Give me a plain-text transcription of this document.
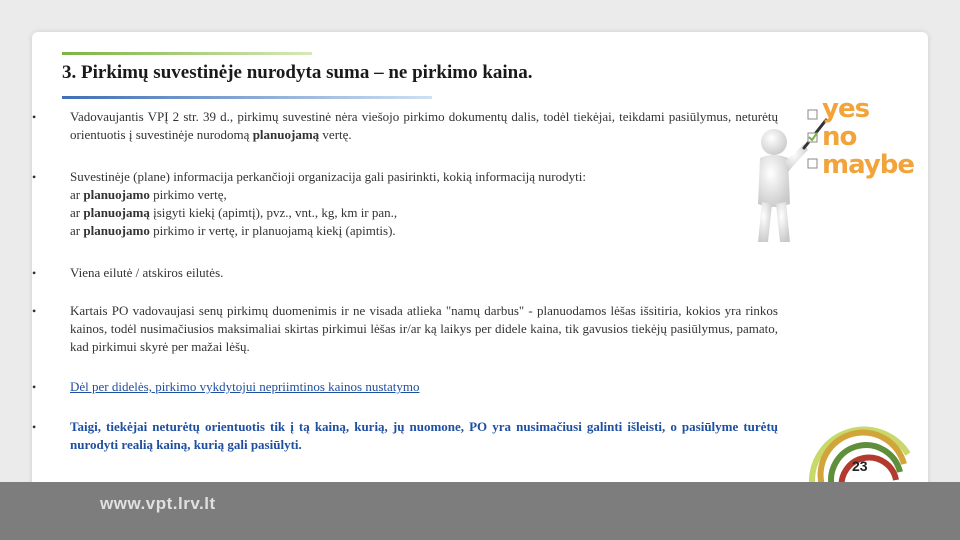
3. Pirkimų suvestinėje nurodyta suma – ne pirkimo kaina.
•	Vadovaujantis VPĮ 2 str. 39 d., pirkimų suvestinė nėra viešojo pirkimo dokumentų dalis, todėl tiekėjai, teikdami pasiūlymus, neturėtų orientuotis į suvestinėje nurodomą planuojamą vertę.
•	Suvestinėje (plane) informacija perkančioji organizacija gali pasirinkti, kokią informaciją nurodyti:
ar planuojamo pirkimo vertę,
ar planuojamą įsigyti kiekį (apimtį), pvz., vnt., kg, km ir pan.,
ar planuojamo pirkimo ir vertę, ir planuojamą kiekį (apimtis).
•	Viena eilutė / atskiros eilutės.
•	Kartais PO vadovaujasi senų pirkimų duomenimis ir ne visada atlieka "namų darbus" - planuodamos lėšas išsitiria, kokios yra rinkos kainos, todėl nusimačiusios maksimaliai skirtas pirkimui lėšas ir/ar ką laikys per didele kaina, tik gavusios tiekėjų pasiūlymus, pamato, kad pirkimui skyrė per mažai lėšų.
•	Dėl per didelės, pirkimo vykdytojui nepriimtinos kainos nustatymo
•	Taigi, tiekėjai neturėtų orientuotis tik į tą kainą, kurią, jų nuomone, PO yra nusimačiusi galinti išleisti, o pasiūlyme turėtų nurodyti realią kainą, kurią gali pasiūlyti.
yes
no
maybe
23
www.vpt.lrv.lt
